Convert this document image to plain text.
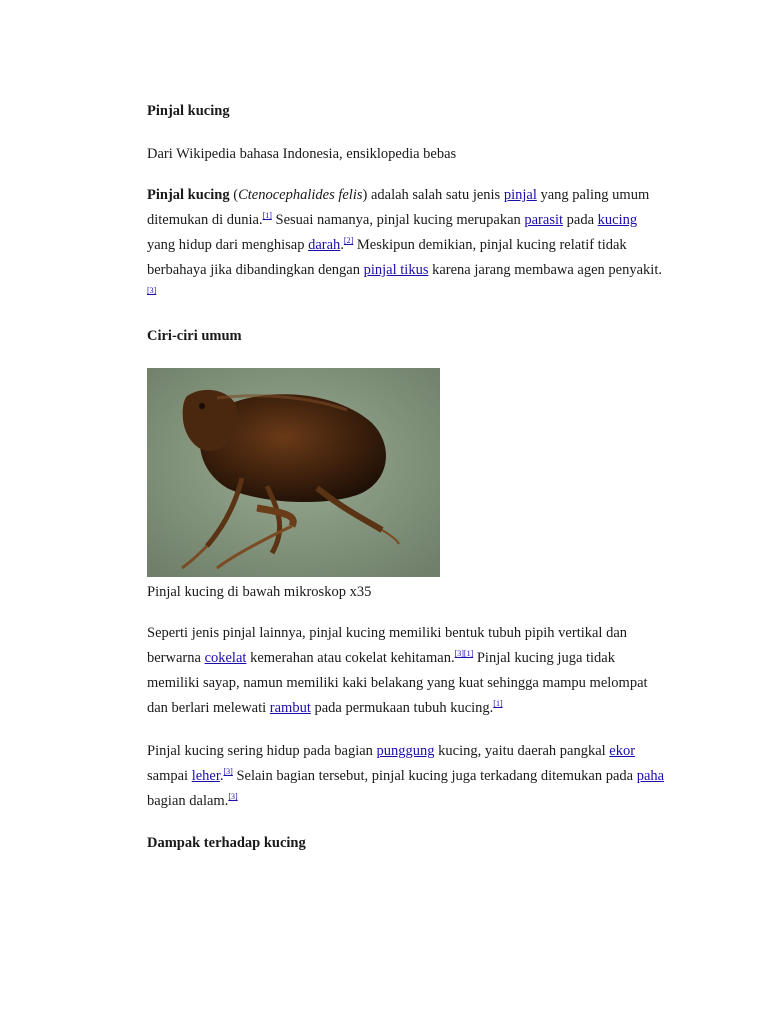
Pinjal kucing

Dari Wikipedia bahasa Indonesia, ensiklopedia bebas

Pinjal kucing (Ctenocephalides felis) adalah salah satu jenis pinjal yang paling umum ditemukan di dunia.[1] Sesuai namanya, pinjal kucing merupakan parasit pada kucing yang hidup dari menghisap darah.[2] Meskipun demikian, pinjal kucing relatif tidak berbahaya jika dibandingkan dengan pinjal tikus karena jarang membawa agen penyakit.[3]

Ciri-ciri umum

Pinjal kucing di bawah mikroskop x35

Seperti jenis pinjal lainnya, pinjal kucing memiliki bentuk tubuh pipih vertikal dan berwarna cokelat kemerahan atau cokelat kehitaman.[3][1] Pinjal kucing juga tidak memiliki sayap, namun memiliki kaki belakang yang kuat sehingga mampu melompat dan berlari melewati rambut pada permukaan tubuh kucing.[1]

Pinjal kucing sering hidup pada bagian punggung kucing, yaitu daerah pangkal ekor sampai leher.[3] Selain bagian tersebut, pinjal kucing juga terkadang ditemukan pada paha bagian dalam.[3]

Dampak terhadap kucing
